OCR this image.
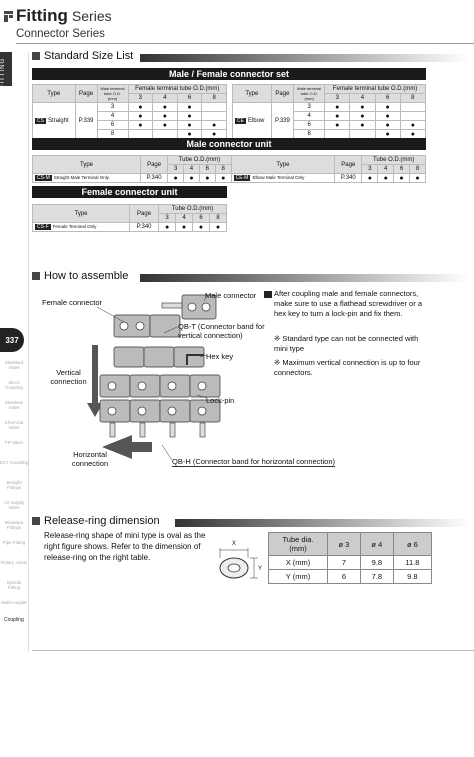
Fitting Series
Connector Series
FITTING
337
Standard Valve
Micro Coupling
Stainless Valve
Chemical Valve
FP Valve
ECT Coupling
Straight Fittings
Air Supply Valve
Miniature Fittings
Pipe Fitting
Rotary Joints
Special Fitting
Multi-coupler
Coupling
Standard Size List
Male / Female connector set
Type	Page	Male terminal tube O.D.(mm)	Female terminal tube O.D.(mm)			
			3	4	6	8
CS Straight	P.339	3	●	●	●	
		4	●	●	●	
		6	●	●	●	●
		8			●	●
Type	Page	Male terminal tube O.D.(mm)	Female terminal tube O.D.(mm)			
			3	4	6	8
CE Elbow	P.339	3	●	●	●	
		4	●	●	●	
		6	●	●	●	●
		8			●	●
Male connector unit
Type	Page	Tube O.D.(mm)				Type	Page	Tube O.D.(mm)			
		3	4	6	8			3	4	6	8
CS-M Straight Male Terminal Only	P.340	●	●	●	●	CE-M Elbow Male Terminal Only	P.340	●	●	●	●
Female connector unit
Type	Page	Tube O.D.(mm)			
		3	4	6	8
CS-F Female Terminal Only	P.340	●	●	●	●
How to assemble
Female connector
Male connector
QB-T (Connector band for vertical connection)
Hex key
Lock-pin
Vertical connection
Horizontal connection	QB-H (Connector band for horizontal connection)
After coupling male and female connectors, make sure to use a flathead screwdriver or a hex key to turn a lock-pin and fix them.
※ Standard type can not be connected with mini type
※ Maximum vertical connection is up to four connectors.
Release-ring dimension
Release-ring shape of mini type is oval as the right figure shows. Refer to the dimension of release-ring on the right table.
X
Y
Tube dia. (mm)	ø 3	ø 4	ø 6
X (mm)	7	9.8	11.8
Y (mm)	6	7.8	9.8
